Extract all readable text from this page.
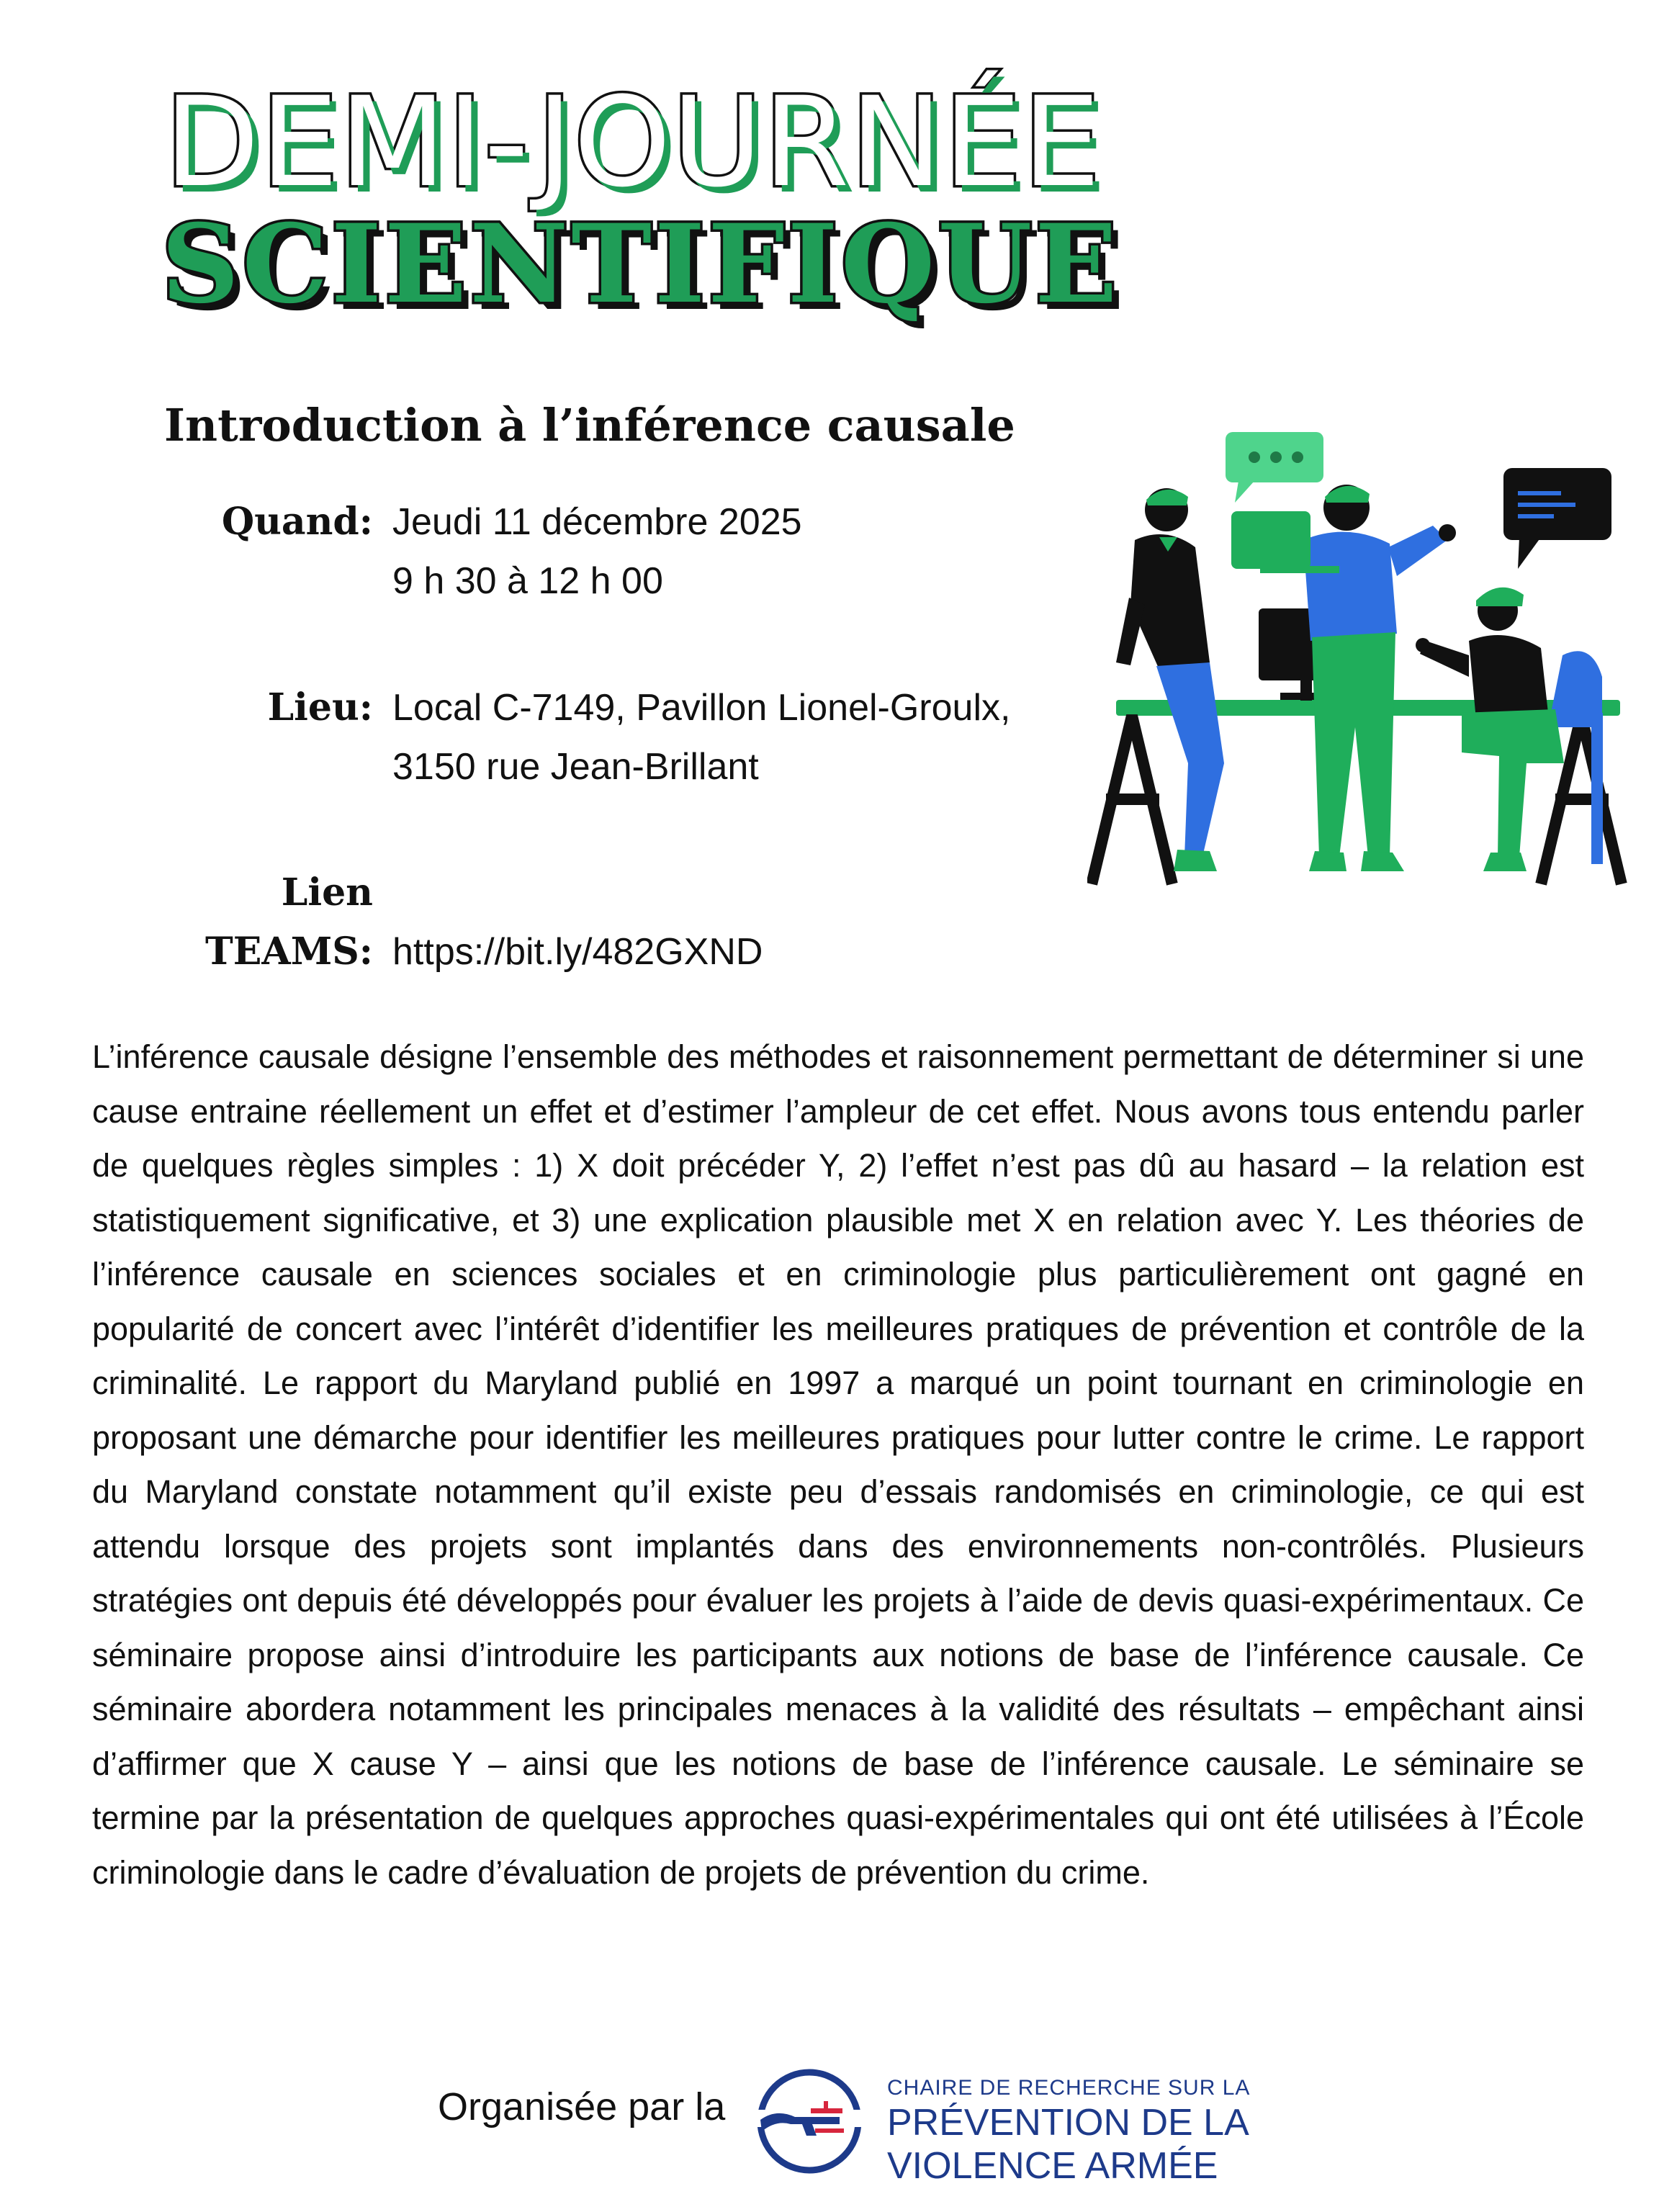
DEMI-JOURNÉE
SCIENTIFIQUE
Introduction à l’inférence causale
Quand: Jeudi 11 décembre 2025
9 h 30 à 12 h 00
Lieu: Local C-7149, Pavillon Lionel-Groulx,
3150 rue Jean-Brillant
Lien
TEAMS: https://bit.ly/482GXND

L’inférence causale désigne l’ensemble des méthodes et raisonnement permettant de déterminer si une cause entraine réellement un effet et d’estimer l’ampleur de cet effet. Nous avons tous entendu parler de quelques règles simples : 1) X doit précéder Y, 2) l’effet n’est pas dû au hasard – la relation est statistiquement significative, et 3) une explication plausible met X en relation avec Y. Les théories de l’inférence causale en sciences sociales et en criminologie plus particulièrement ont gagné en popularité de concert avec l’intérêt d’identifier les meilleures pratiques de prévention et contrôle de la criminalité. Le rapport du Maryland publié en 1997 a marqué un point tournant en criminologie en proposant une démarche pour identifier les meilleures pratiques pour lutter contre le crime. Le rapport du Maryland constate notamment qu’il existe peu d’essais randomisés en criminologie, ce qui est attendu lorsque des projets sont implantés dans des environnements non-contrôlés. Plusieurs stratégies ont depuis été développés pour évaluer les projets à l’aide de devis quasi-expérimentaux. Ce séminaire propose ainsi d’introduire les participants aux notions de base de l’inférence causale. Ce séminaire abordera notamment les principales menaces à la validité des résultats – empêchant ainsi d’affirmer que X cause Y – ainsi que les notions de base de l’inférence causale. Le séminaire se termine par la présentation de quelques approches quasi-expérimentales qui ont été utilisées à l’École criminologie dans le cadre d’évaluation de projets de prévention du crime.

Organisée par la	CHAIRE DE RECHERCHE SUR LA
PRÉVENTION DE LA
VIOLENCE ARMÉE
